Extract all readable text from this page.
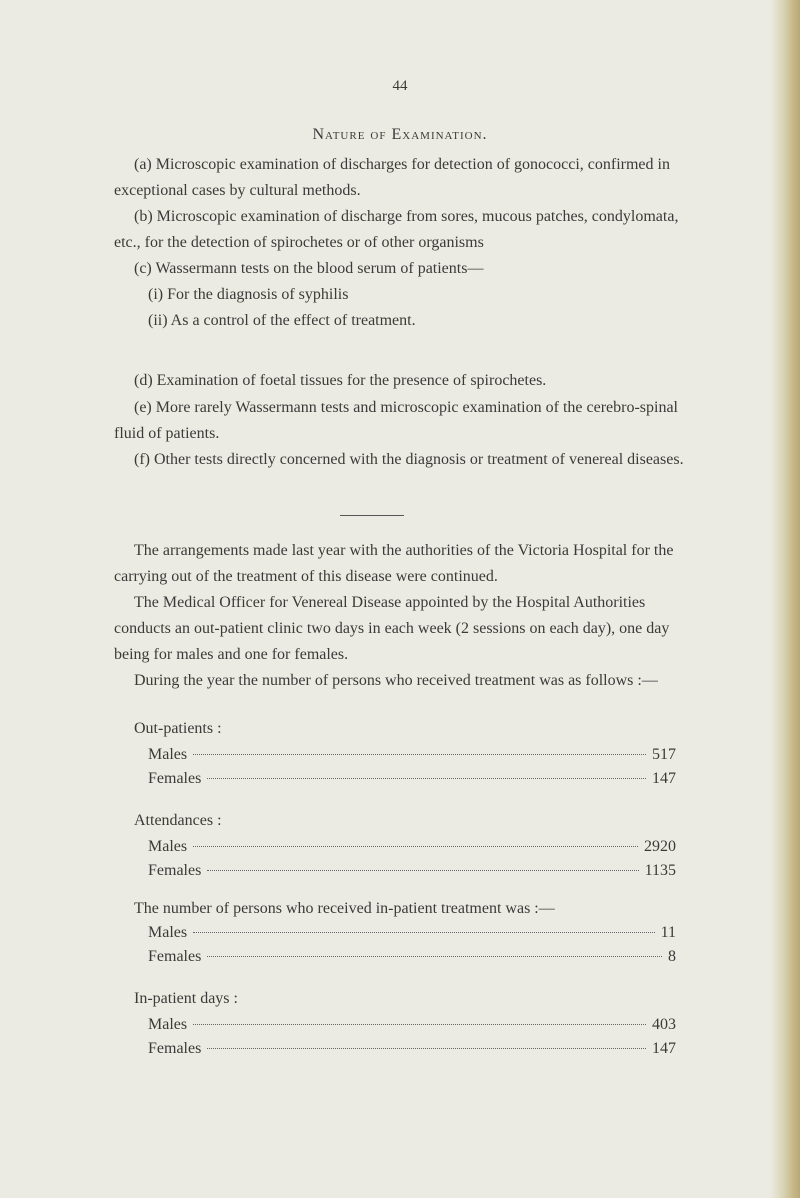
44
Nature of Examination.

(a) Microscopic examination of discharges for detection of gonococci, confirmed in exceptional cases by cultural methods.

(b) Microscopic examination of discharge from sores, mucous patches, condylomata, etc., for the detection of spirochetes or of other organisms

(c) Wassermann tests on the blood serum of patients—

(i) For the diagnosis of syphilis

(ii) As a control of the effect of treatment.

(d) Examination of foetal tissues for the presence of spirochetes.

(e) More rarely Wassermann tests and microscopic examination of the cerebro-spinal fluid of patients.

(f) Other tests directly concerned with the diagnosis or treatment of venereal diseases.

The arrangements made last year with the authorities of the Victoria Hospital for the carrying out of the treatment of this disease were continued.

The Medical Officer for Venereal Disease appointed by the Hospital Authorities conducts an out-patient clinic two days in each week (2 sessions on each day), one day being for males and one for females.

During the year the number of persons who received treatment was as follows :—

Out-patients :
Males	517
Females	147
Attendances :
Males	2920
Females	1135

The number of persons who received in-patient treatment was :—

Males	11
Females	8
In-patient days :
Males	403
Females	147
